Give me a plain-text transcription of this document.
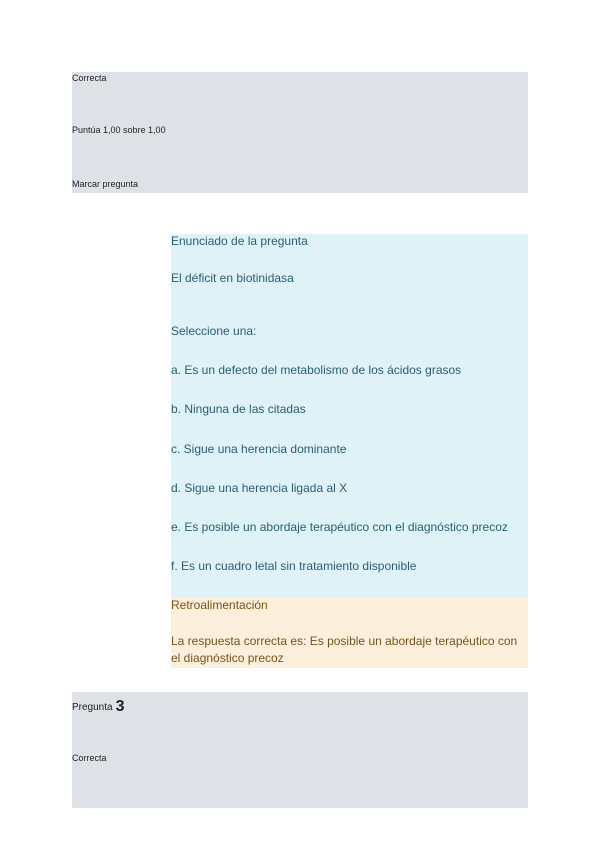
Correcta
Puntúa 1,00 sobre 1,00
Marcar pregunta
Enunciado de la pregunta
El déficit en biotinidasa
Seleccione una:
a. Es un defecto del metabolismo de los ácidos grasos
b. Ninguna de las citadas
c. Sigue una herencia dominante
d. Sigue una herencia ligada al X
e. Es posible un abordaje terapéutico con el diagnóstico precoz
f. Es un cuadro letal sin tratamiento disponible
Retroalimentación
La respuesta correcta es: Es posible un abordaje terapéutico con el diagnóstico precoz
Pregunta 3
Correcta
